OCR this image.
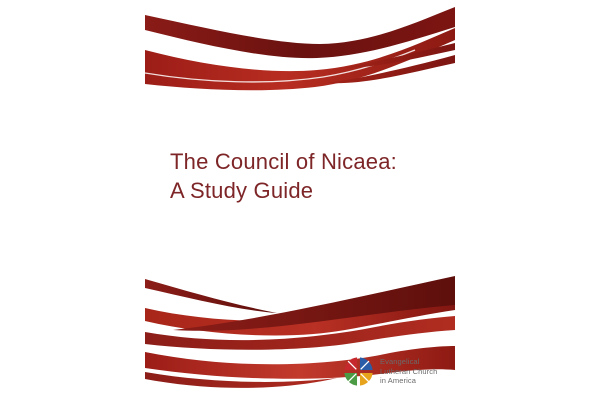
The Council of Nicaea:
A Study Guide
Evangelical
Lutheran Church
in America
